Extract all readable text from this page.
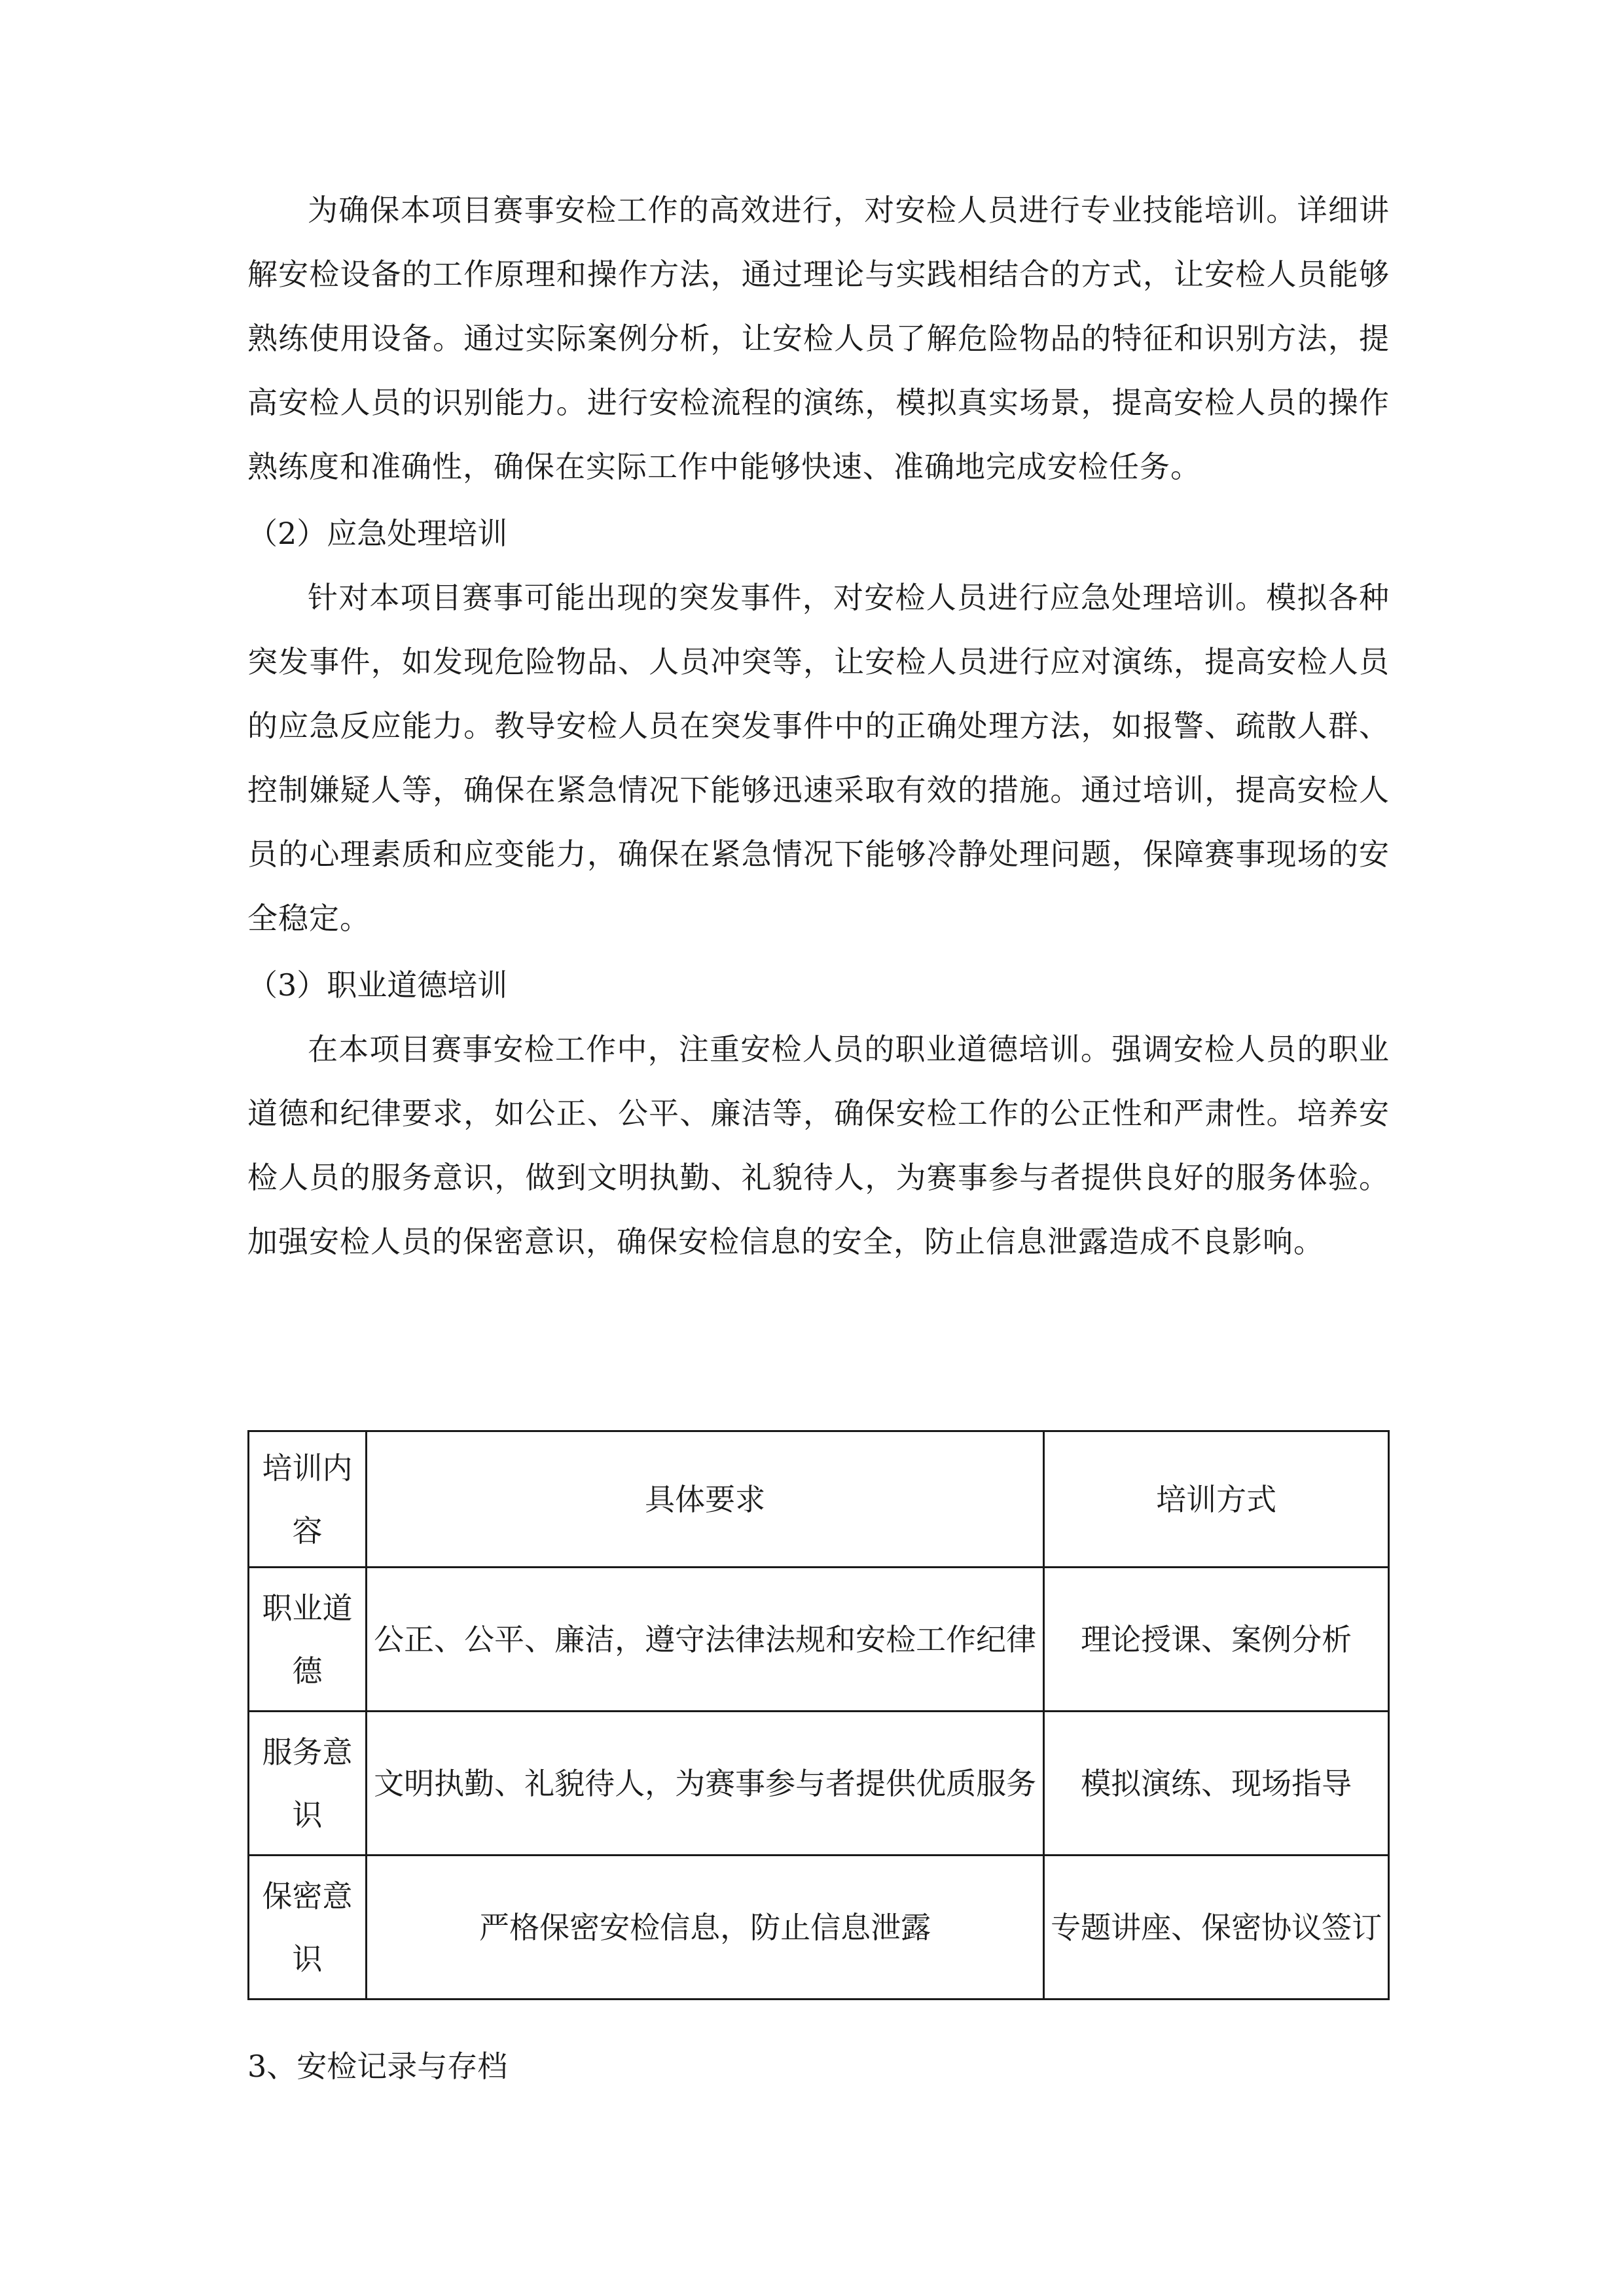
为确保本项目赛事安检工作的高效进行，对安检人员进行专业技能培训。详细讲解安检设备的工作原理和操作方法，通过理论与实践相结合的方式，让安检人员能够熟练使用设备。通过实际案例分析，让安检人员了解危险物品的特征和识别方法，提高安检人员的识别能力。进行安检流程的演练，模拟真实场景，提高安检人员的操作熟练度和准确性，确保在实际工作中能够快速、准确地完成安检任务。

（2）应急处理培训

针对本项目赛事可能出现的突发事件，对安检人员进行应急处理培训。模拟各种突发事件，如发现危险物品、人员冲突等，让安检人员进行应对演练，提高安检人员的应急反应能力。教导安检人员在突发事件中的正确处理方法，如报警、疏散人群、控制嫌疑人等，确保在紧急情况下能够迅速采取有效的措施。通过培训，提高安检人员的心理素质和应变能力，确保在紧急情况下能够冷静处理问题，保障赛事现场的安全稳定。

（3）职业道德培训

在本项目赛事安检工作中，注重安检人员的职业道德培训。强调安检人员的职业道德和纪律要求，如公正、公平、廉洁等，确保安检工作的公正性和严肃性。培养安检人员的服务意识，做到文明执勤、礼貌待人，为赛事参与者提供良好的服务体验。加强安检人员的保密意识，确保安检信息的安全，防止信息泄露造成不良影响。

培训内容	具体要求	培训方式
职业道德	公正、公平、廉洁，遵守法律法规和安检工作纪律	理论授课、案例分析
服务意识	文明执勤、礼貌待人，为赛事参与者提供优质服务	模拟演练、现场指导
保密意识	严格保密安检信息，防止信息泄露	专题讲座、保密协议签订

3、安检记录与存档
